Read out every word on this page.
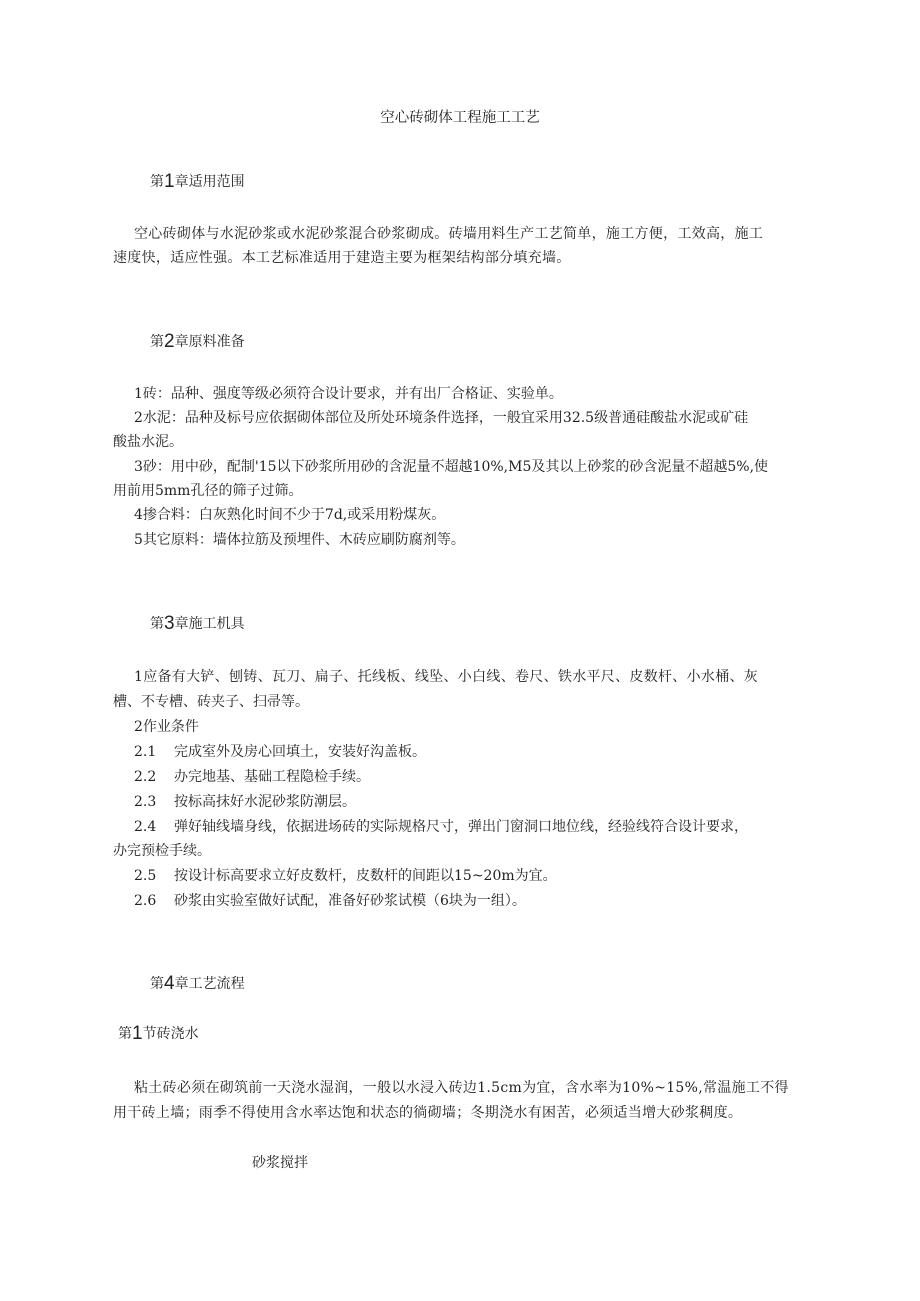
空心砖砌体工程施工工艺
第1章适用范围
空心砖砌体与水泥砂浆或水泥砂浆混合砂浆砌成。砖墙用料生产工艺简单，施工方便，工效高，施工
速度快，适应性强。本工艺标准适用于建造主要为框架结构部分填充墙。
第2章原料准备
1砖：品种、强度等级必须符合设计要求，并有出厂合格证、实验单。
2水泥：品种及标号应依据砌体部位及所处环境条件选择，一般宜采用32.5级普通硅酸盐水泥或矿硅
酸盐水泥。
3砂：用中砂，配制'15以下砂浆所用砂的含泥量不超越10%,M5及其以上砂浆的砂含泥量不超越5%,使
用前用5mm孔径的筛子过筛。
4掺合料：白灰熟化时间不少于7d,或采用粉煤灰。
5其它原料：墙体拉筋及预埋件、木砖应刷防腐剂等。
第3章施工机具
1应备有大铲、刨铸、瓦刀、扁子、托线板、线坠、小白线、卷尺、铁水平尺、皮数杆、小水桶、灰
槽、不专槽、砖夹子、扫帚等。
2作业条件
2.1 完成室外及房心回填土，安装好沟盖板。
2.2 办完地基、基础工程隐检手续。
2.3 按标高抹好水泥砂浆防潮层。
2.4 弹好轴线墙身线，依据进场砖的实际规格尺寸，弹出门窗洞口地位线，经验线符合设计要求，
办完预检手续。
2.5 按设计标高要求立好皮数杆，皮数杆的间距以15~20m为宜。
2.6 砂浆由实验室做好试配，准备好砂浆试模（6块为一组）。
第4章工艺流程
第1节砖浇水
粘土砖必须在砌筑前一天浇水湿润，一般以水浸入砖边1.5cm为宜，含水率为10%~15%,常温施工不得
用干砖上墙；雨季不得使用含水率达饱和状态的徜砌墙；冬期浇水有困苦，必须适当增大砂浆稠度。
砂浆搅拌
